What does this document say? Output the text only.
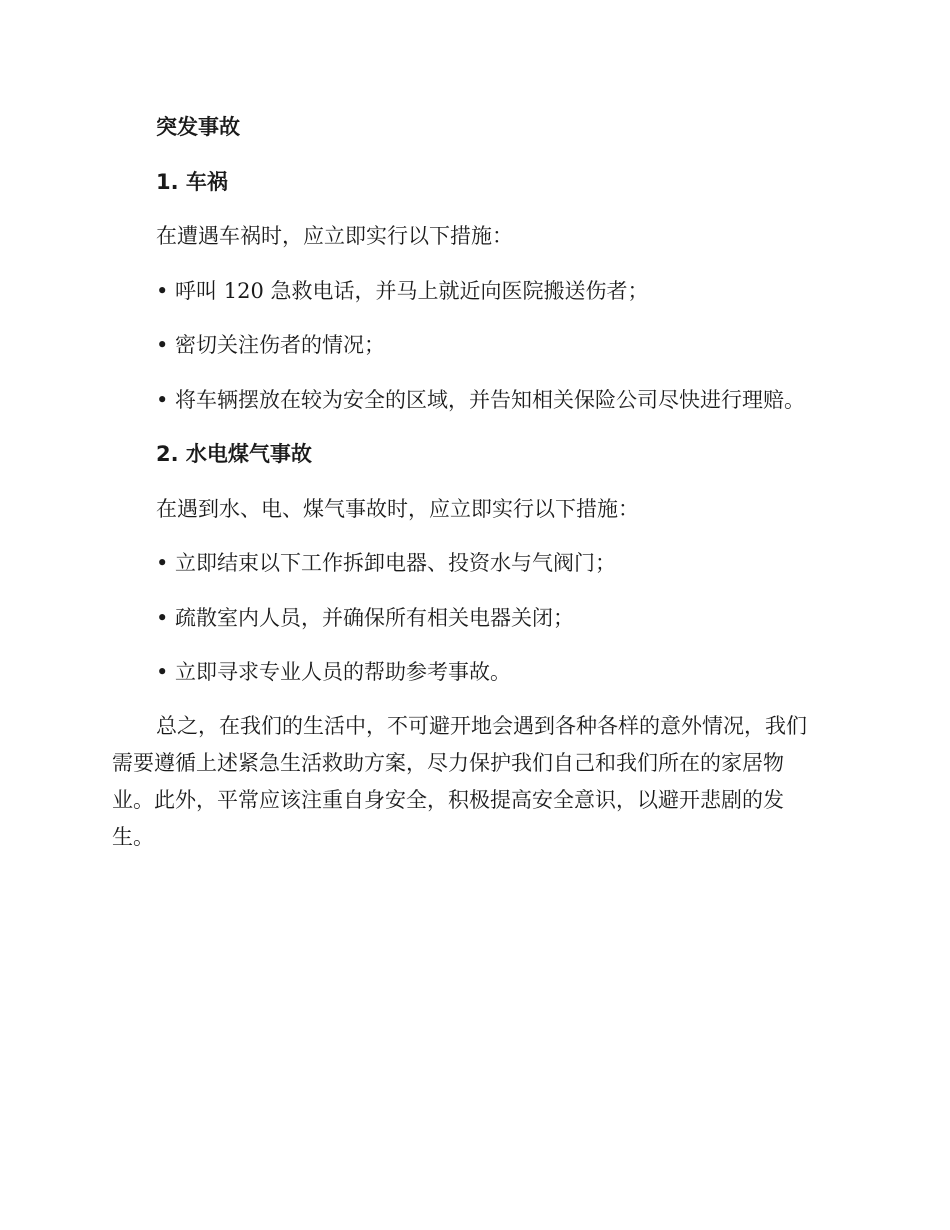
突发事故
1. 车祸
在遭遇车祸时，应立即实行以下措施：
• 呼叫 120 急救电话，并马上就近向医院搬送伤者；
• 密切关注伤者的情况；
• 将车辆摆放在较为安全的区域，并告知相关保险公司尽快进行理赔。
2. 水电煤气事故
在遇到水、电、煤气事故时，应立即实行以下措施：
• 立即结束以下工作拆卸电器、投资水与气阀门；
• 疏散室内人员，并确保所有相关电器关闭；
• 立即寻求专业人员的帮助参考事故。
总之，在我们的生活中，不可避开地会遇到各种各样的意外情况，我们
需要遵循上述紧急生活救助方案，尽力保护我们自己和我们所在的家居物
业。此外，平常应该注重自身安全，积极提高安全意识，以避开悲剧的发
生。
